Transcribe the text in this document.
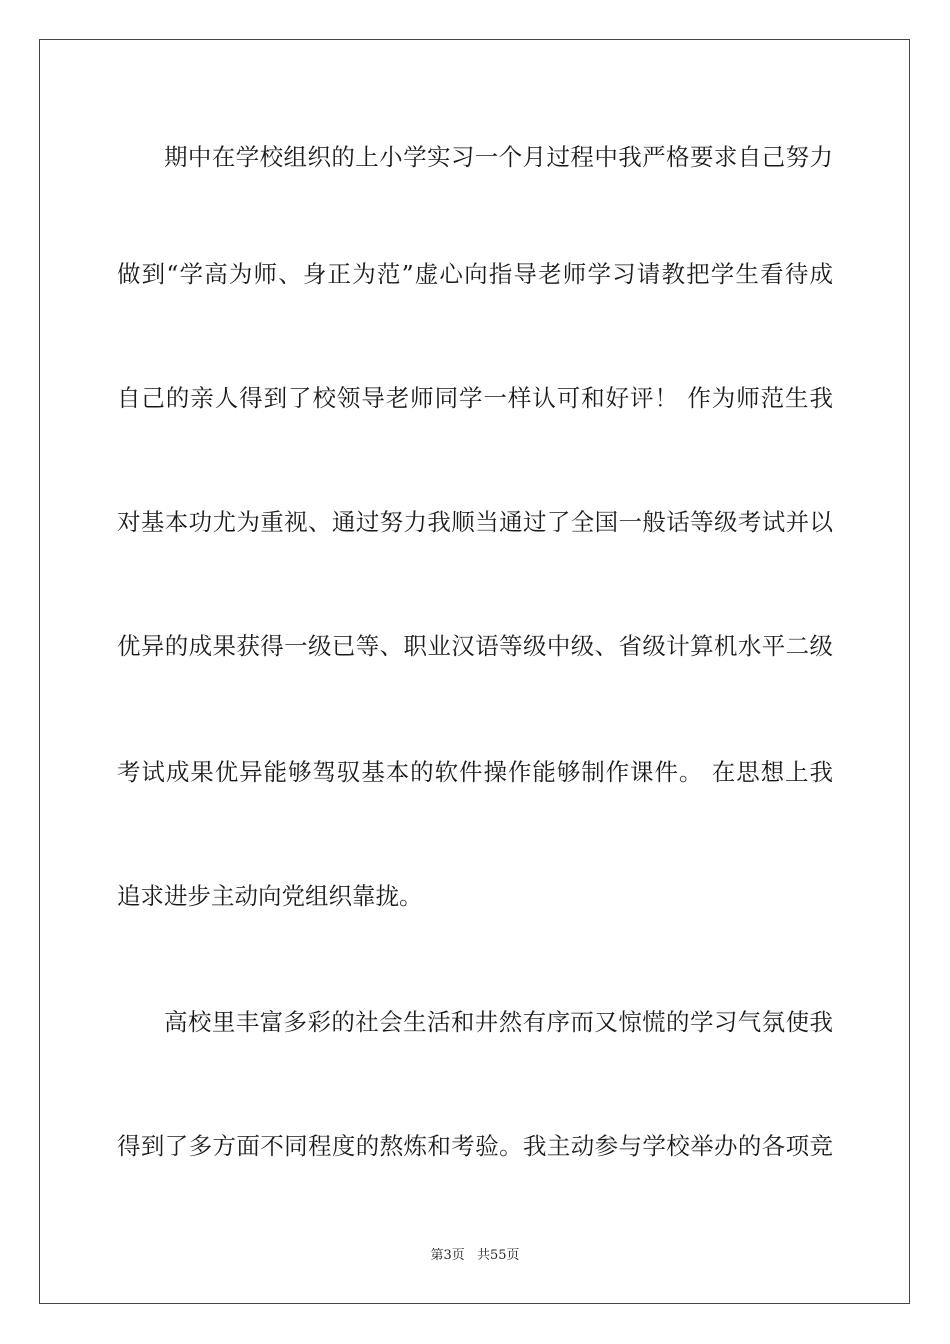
期中在学校组织的上小学实习一个月过程中我严格要求自己努力
做到“学高为师、身正为范”虚心向指导老师学习请教把学生看待成
自己的亲人得到了校领导老师同学一样认可和好评！ 作为师范生我
对基本功尤为重视、通过努力我顺当通过了全国一般话等级考试并以
优异的成果获得一级已等、职业汉语等级中级、省级计算机水平二级
考试成果优异能够驾驭基本的软件操作能够制作课件。 在思想上我
追求进步主动向党组织靠拢。
高校里丰富多彩的社会生活和井然有序而又惊慌的学习气氛使我
得到了多方面不同程度的熬炼和考验。我主动参与学校举办的各项竞
第3页 共55页
